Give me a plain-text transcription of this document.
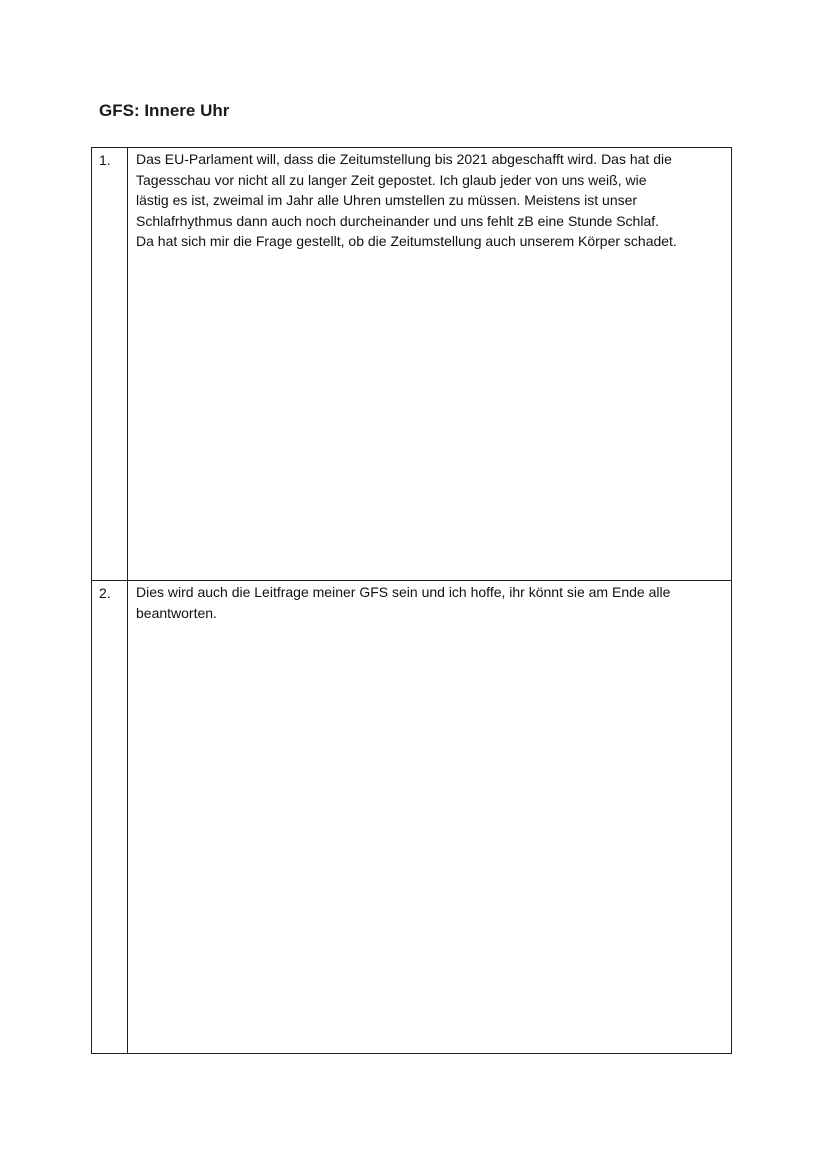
GFS: Innere Uhr
1.	Das EU-Parlament will, dass die Zeitumstellung bis 2021 abgeschafft wird. Das hat die
Tagesschau vor nicht all zu langer Zeit gepostet. Ich glaub jeder von uns weiß, wie
lästig es ist, zweimal im Jahr alle Uhren umstellen zu müssen. Meistens ist unser
Schlafrhythmus dann auch noch durcheinander und uns fehlt zB eine Stunde Schlaf.
Da hat sich mir die Frage gestellt, ob die Zeitumstellung auch unserem Körper schadet.
2.	Dies wird auch die Leitfrage meiner GFS sein und ich hoffe, ihr könnt sie am Ende alle
beantworten.
